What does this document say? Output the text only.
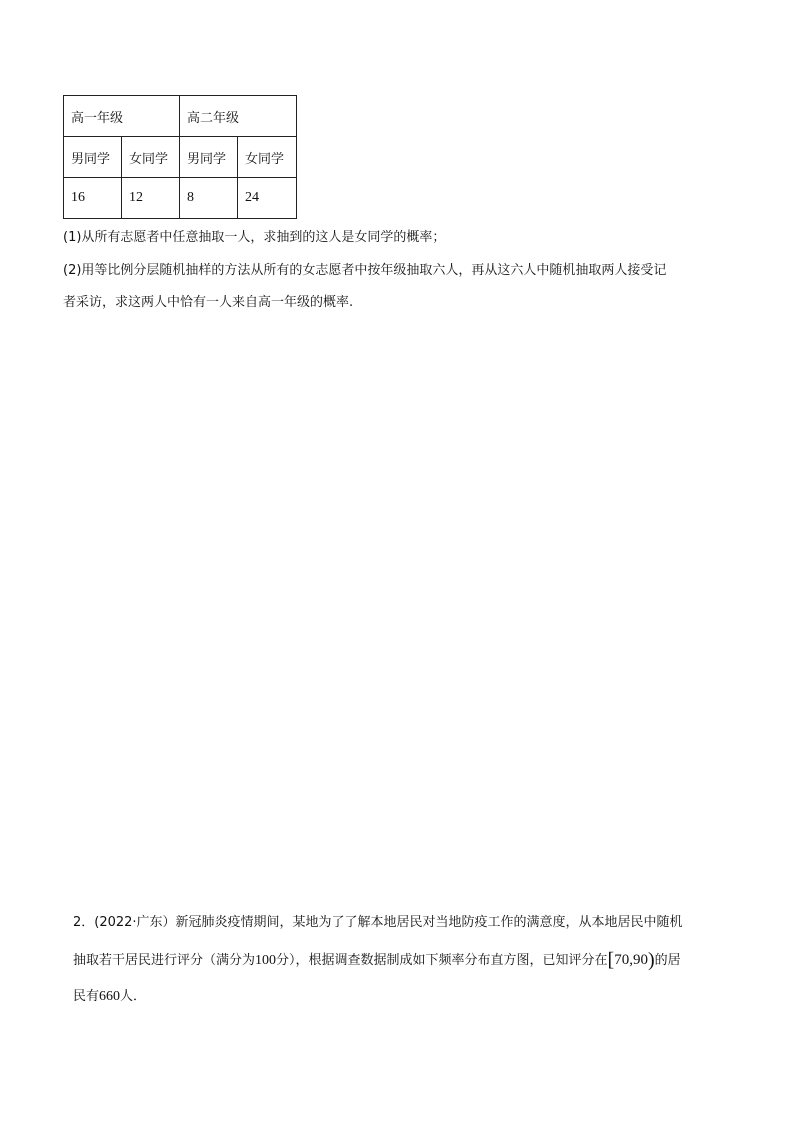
高一年级		高二年级	
男同学	女同学	男同学	女同学
16	12	8	24
(1)从所有志愿者中任意抽取一人，求抽到的这人是女同学的概率；
(2)用等比例分层随机抽样的方法从所有的女志愿者中按年级抽取六人，再从这六人中随机抽取两人接受记
者采访，求这两人中恰有一人来自高一年级的概率.
2．(2022·广东）新冠肺炎疫情期间，某地为了了解本地居民对当地防疫工作的满意度，从本地居民中随机
抽取若干居民进行评分（满分为100分），根据调查数据制成如下频率分布直方图，已知评分在[70,90)的居
民有660人．
